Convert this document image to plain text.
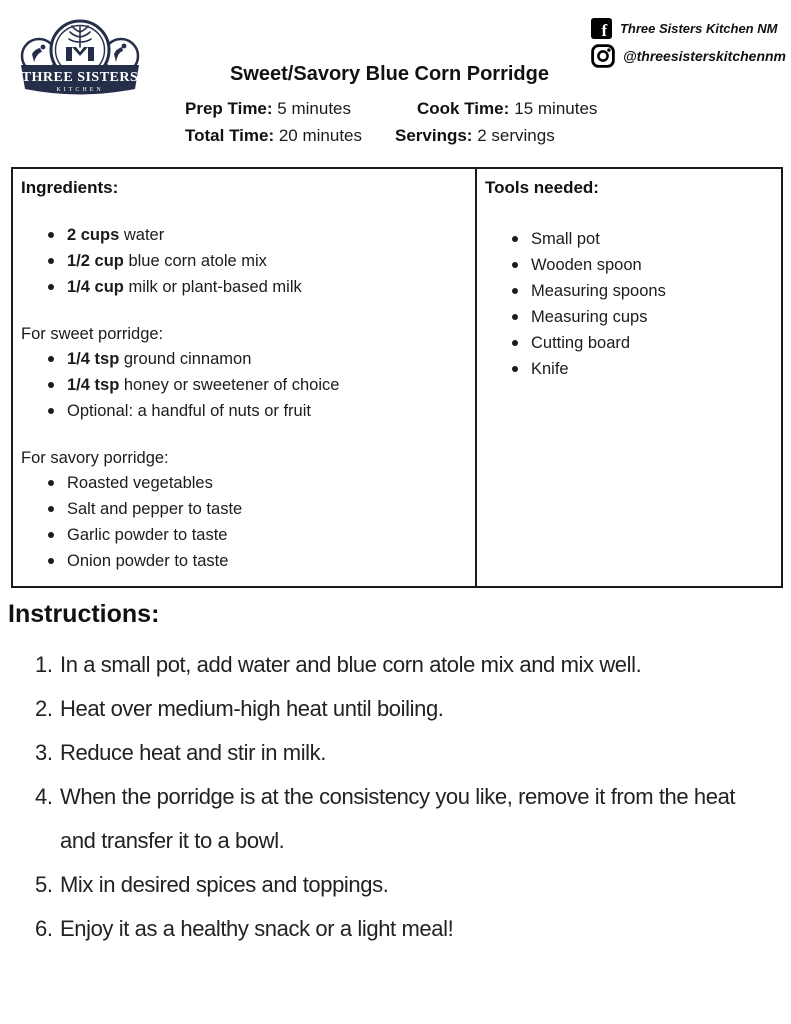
THREE SISTERS
KITCHEN
Sweet/Savory Blue Corn Porridge
f Three Sisters Kitchen NM
@threesisterskitchennm
Prep Time: 5 minutes	Cook Time: 15 minutes
Total Time: 20 minutes Servings: 2 servings
Ingredients:
2 cups water
1/2 cup blue corn atole mix
1/4 cup milk or plant-based milk
For sweet porridge:
1/4 tsp ground cinnamon
1/4 tsp honey or sweetener of choice
Optional: a handful of nuts or fruit
For savory porridge:
Roasted vegetables
Salt and pepper to taste
Garlic powder to taste
Onion powder to taste
Tools needed:
Small pot
Wooden spoon
Measuring spoons
Measuring cups
Cutting board
Knife
Instructions:
1. In a small pot, add water and blue corn atole mix and mix well.
2. Heat over medium-high heat until boiling.
3. Reduce heat and stir in milk.
4. When the porridge is at the consistency you like, remove it from the heat and transfer it to a bowl.
5. Mix in desired spices and toppings.
6. Enjoy it as a healthy snack or a light meal!
